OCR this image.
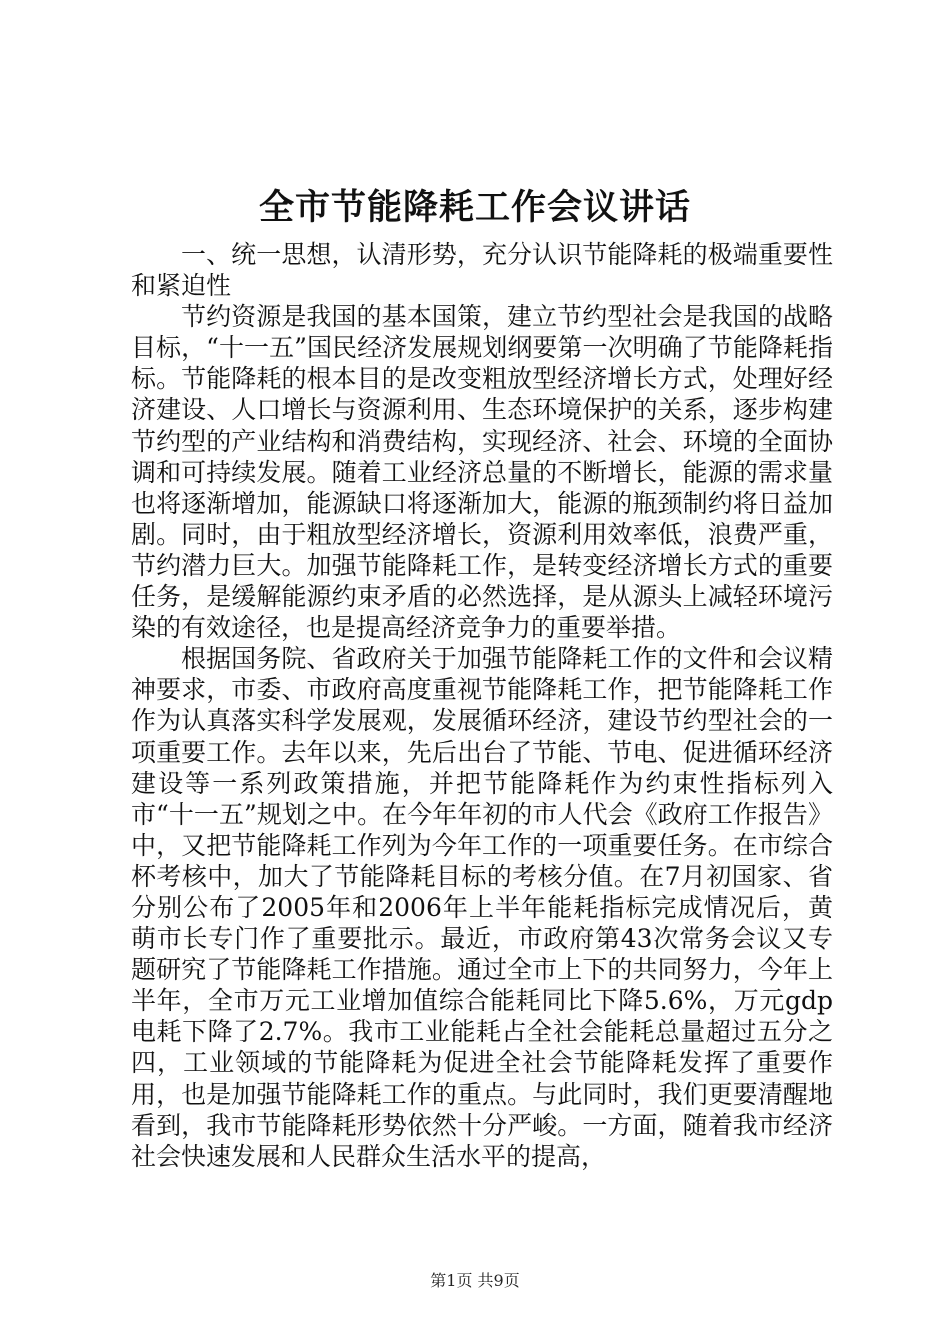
全市节能降耗工作会议讲话

一、统一思想，认清形势，充分认识节能降耗的极端重要性和紧迫性

节约资源是我国的基本国策，建立节约型社会是我国的战略目标，“十一五”国民经济发展规划纲要第一次明确了节能降耗指标。节能降耗的根本目的是改变粗放型经济增长方式，处理好经济建设、人口增长与资源利用、生态环境保护的关系，逐步构建节约型的产业结构和消费结构，实现经济、社会、环境的全面协调和可持续发展。随着工业经济总量的不断增长，能源的需求量也将逐渐增加，能源缺口将逐渐加大，能源的瓶颈制约将日益加剧。同时，由于粗放型经济增长，资源利用效率低，浪费严重，节约潜力巨大。加强节能降耗工作，是转变经济增长方式的重要任务，是缓解能源约束矛盾的必然选择，是从源头上减轻环境污染的有效途径，也是提高经济竞争力的重要举措。

根据国务院、省政府关于加强节能降耗工作的文件和会议精神要求，市委、市政府高度重视节能降耗工作，把节能降耗工作作为认真落实科学发展观，发展循环经济，建设节约型社会的一项重要工作。去年以来，先后出台了节能、节电、促进循环经济建设等一系列政策措施，并把节能降耗作为约束性指标列入市“十一五”规划之中。在今年年初的市人代会《政府工作报告》中，又把节能降耗工作列为今年工作的一项重要任务。在市综合杯考核中，加大了节能降耗目标的考核分值。在7月初国家、省分别公布了2005年和2006年上半年能耗指标完成情况后，黄萌市长专门作了重要批示。最近，市政府第43次常务会议又专题研究了节能降耗工作措施。通过全市上下的共同努力，今年上半年，全市万元工业增加值综合能耗同比下降5.6%，万元gdp电耗下降了2.7%。我市工业能耗占全社会能耗总量超过五分之四，工业领域的节能降耗为促进全社会节能降耗发挥了重要作用，也是加强节能降耗工作的重点。与此同时，我们更要清醒地看到，我市节能降耗形势依然十分严峻。一方面，随着我市经济社会快速发展和人民群众生活水平的提高，

第1页 共9页
